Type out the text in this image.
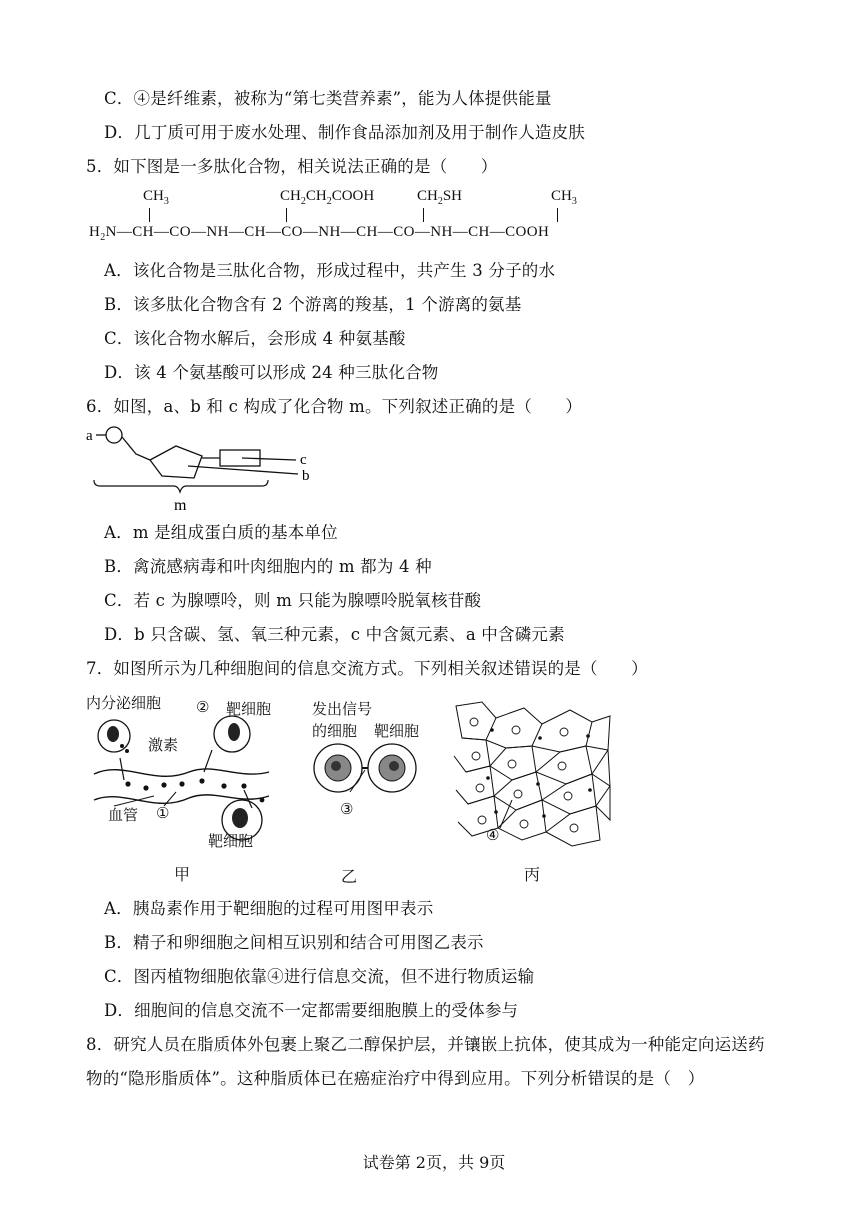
C．④是纤维素，被称为“第七类营养素”，能为人体提供能量
D．几丁质可用于废水处理、制作食品添加剂及用于制作人造皮肤
5．如下图是一多肽化合物，相关说法正确的是（　　）
$CH_3$	$CH_2CH_2COOH$	$CH_2SH$	$CH_3$
$H_2N—CH—CO—NH—CH—CO—NH—CH—CO—NH—CH—COOH$
A．该化合物是三肽化合物，形成过程中，共产生 3 分子的水
B．该多肽化合物含有 2 个游离的羧基，1 个游离的氨基
C．该化合物水解后，会形成 4 种氨基酸
D．该 4 个氨基酸可以形成 24 种三肽化合物
6．如图，a、b 和 c 构成了化合物 m。下列叙述正确的是（　　）
a
c
b
m
A．m 是组成蛋白质的基本单位
B．禽流感病毒和叶肉细胞内的 m 都为 4 种
C．若 c 为腺嘌呤，则 m 只能为腺嘌呤脱氧核苷酸
D．b 只含碳、氢、氧三种元素，c 中含氮元素、a 中含磷元素
7．如图所示为几种细胞间的信息交流方式。下列相关叙述错误的是（　　）
内分泌细胞 ② 靶细胞
激素
血管 ①
靶细胞
甲
发出信号
的细胞 靶细胞
③
乙
④
丙
A．胰岛素作用于靶细胞的过程可用图甲表示
B．精子和卵细胞之间相互识别和结合可用图乙表示
C．图丙植物细胞依靠④进行信息交流，但不进行物质运输
D．细胞间的信息交流不一定都需要细胞膜上的受体参与
8．研究人员在脂质体外包裹上聚乙二醇保护层，并镶嵌上抗体，使其成为一种能定向运送药
物的“隐形脂质体”。这种脂质体已在癌症治疗中得到应用。下列分析错误的是（　）
试卷第 2页，共 9页
